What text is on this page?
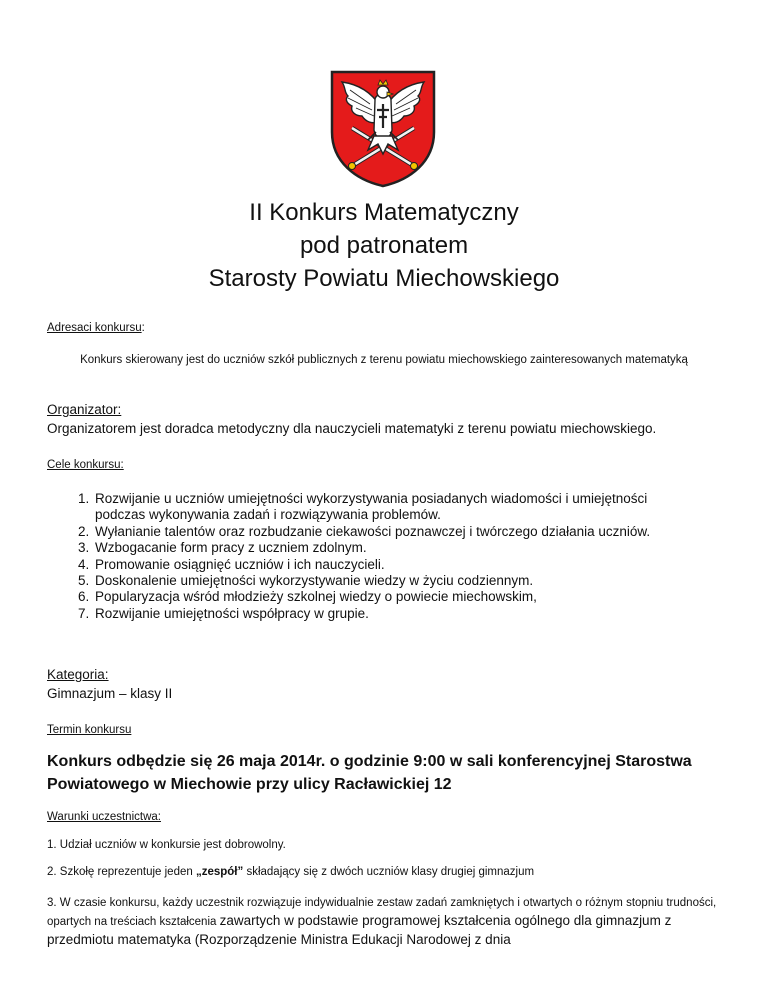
II Konkurs Matematyczny
pod patronatem
Starosty Powiatu Miechowskiego
Adresaci konkursu:
Konkurs skierowany jest do uczniów szkół publicznych z terenu powiatu miechowskiego zainteresowanych matematyką
Organizator:
Organizatorem jest doradca metodyczny dla nauczycieli matematyki z terenu powiatu miechowskiego.
Cele konkursu:
1. Rozwijanie u uczniów umiejętności wykorzystywania posiadanych wiadomości i umiejętności podczas wykonywania zadań i rozwiązywania problemów.
2. Wyłanianie talentów oraz rozbudzanie ciekawości poznawczej i twórczego działania uczniów.
3. Wzbogacanie form pracy z uczniem zdolnym.
4. Promowanie osiągnięć uczniów i ich nauczycieli.
5. Doskonalenie umiejętności wykorzystywanie wiedzy w życiu codziennym.
6. Popularyzacja wśród młodzieży szkolnej wiedzy o powiecie miechowskim,
7. Rozwijanie umiejętności współpracy w grupie.
Kategoria:
Gimnazjum – klasy II
Termin konkursu
Konkurs odbędzie się 26 maja 2014r. o godzinie 9:00 w sali konferencyjnej Starostwa Powiatowego w Miechowie przy ulicy Racławickiej 12
Warunki uczestnictwa:
1. Udział uczniów w konkursie jest dobrowolny.
2. Szkołę reprezentuje jeden „zespół” składający się z dwóch uczniów klasy drugiej gimnazjum
3. W czasie konkursu, każdy uczestnik rozwiązuje indywidualnie zestaw zadań zamkniętych i otwartych o różnym stopniu trudności, opartych na treściach kształcenia zawartych w podstawie programowej kształcenia ogólnego dla gimnazjum z przedmiotu matematyka (Rozporządzenie Ministra Edukacji Narodowej z dnia
